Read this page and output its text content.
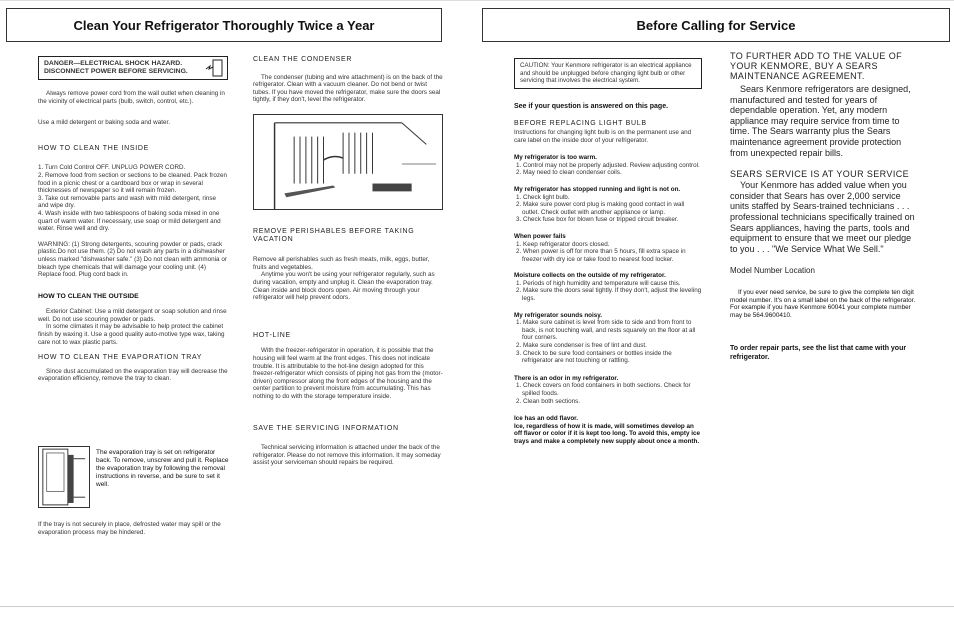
Clean Your Refrigerator Thoroughly Twice a Year	Before Calling for Service
DANGER—ELECTRICAL SHOCK HAZARD. DISCONNECT POWER BEFORE SERVICING.

Always remove power cord from the wall outlet when cleaning in the vicinity of electrical parts (bulb, switch, control, etc.).

Use a mild detergent or baking soda and water.

HOW TO CLEAN THE INSIDE

1. Turn Cold Control OFF. UNPLUG POWER CORD.

2. Remove food from section or sections to be cleaned. Pack frozen food in a picnic chest or a cardboard box or wrap in several thicknesses of newspaper so it will remain frozen.

3. Take out removable parts and wash with mild detergent, rinse and wipe dry.

4. Wash inside with two tablespoons of baking soda mixed in one quart of warm water. If necessary, use soap or mild detergent and water. Rinse well and dry.

WARNING: (1) Strong detergents, scouring powder or pads, crack plastic.Do not use them. (2) Do not wash any parts in a dishwasher unless marked "dishwasher safe." (3) Do not clean with ammonia or bleach type chemicals that will damage your cooling unit. (4) Replace food. Plug cord back in.

HOW TO CLEAN THE OUTSIDE

Exterior Cabinet: Use a mild detergent or soap solution and rinse well. Do not use scouring powder or pads.

In some climates it may be advisable to help protect the cabinet finish by waxing it. Use a good quality auto-motive type wax, taking care not to wax plastic parts.

HOW TO CLEAN THE EVAPORATION TRAY

Since dust accumulated on the evaporation tray will decrease the evaporation efficiency, remove the tray to clean.

The evaporation tray is set on refrigerator back. To remove, unscrew and pull it. Replace the evaporation tray by following the removal instructions in reverse, and be sure to set it well.
If the tray is not securely in place, defrosted water may spill or the evaporation process may be hindered.

CLEAN THE CONDENSER

The condenser (tubing and wire attachment) is on the back of the refrigerator. Clean with a vacuum cleaner. Do not bend or twist tubes. If you have moved the refrigerator, make sure the doors seal tightly, if they don't, level the refrigerator.

REMOVE PERISHABLES BEFORE TAKING VACATION

Remove all perishables such as fresh meats, milk, eggs, butter, fruits and vegetables.

Anytime you won't be using your refrigerator regularly, such as during vacation, empty and unplug it. Clean the evaporation tray. Clean inside and block doors open. Air moving through your refrigerator will help prevent odors.

HOT-LINE

With the freezer-refrigerator in operation, it is possible that the housing will feel warm at the front edges. This does not indicate trouble. It is attributable to the hot-line design adopted for this freezer-refrigerator which consists of piping hot gas from the (motor-driven) compressor along the front edges of the housing and the center partition to prevent moisture from accumulating. This has nothing to do with the storage temperature inside.

SAVE THE SERVICING INFORMATION

Technical servicing information is attached under the back of the refrigerator. Please do not remove this information. It may someday assist your serviceman should repairs be required.

CAUTION: Your Kenmore refrigerator is an electrical appliance and should be unplugged before changing light bulb or other servicing that involves the electrical system.

See if your question is answered on this page.

BEFORE REPLACING LIGHT BULB

Instructions for changing light bulb is on the permanent use and care label on the inside door of your refrigerator.

My refrigerator is too warm.

1. Control may not be properly adjusted. Review adjusting control.

2. May need to clean condenser coils.

My refrigerator has stopped running and light is not on.

1. Check light bulb.

2. Make sure power cord plug is making good contact in wall outlet. Check outlet with another appliance or lamp.

3. Check fuse box for blown fuse or tripped circuit breaker.

When power fails

1. Keep refrigerator doors closed.

2. When power is off for more than 5 hours, fill extra space in freezer with dry ice or take food to nearest food locker.

Moisture collects on the outside of my refrigerator.

1. Periods of high humidity and temperature will cause this.

2. Make sure the doors seal tightly. If they don't, adjust the leveling legs.

My refrigerator sounds noisy.

1. Make sure cabinet is level from side to side and from front to back, is not touching wall, and rests squarely on the floor at all four corners.

2. Make sure condenser is free of lint and dust.

3. Check to be sure food containers or bottles inside the refrigerator are not touching or rattling.

There is an odor in my refrigerator.

1. Check covers on food containers in both sections. Check for spilled foods.

2. Clean both sections.

Ice has an odd flavor.

Ice, regardless of how it is made, will sometimes develop an off flavor or color if it is kept too long. To avoid this, empty ice trays and make a completely new supply about once a month.

TO FURTHER ADD TO THE VALUE OF YOUR KENMORE, BUY A SEARS MAINTENANCE AGREEMENT.

Sears Kenmore refrigerators are designed, manufactured and tested for years of dependable operation. Yet, any modern appliance may require service from time to time. The Sears warranty plus the Sears maintenance agreement provide protection from unexpected repair bills.

SEARS SERVICE IS AT YOUR SERVICE

Your Kenmore has added value when you consider that Sears has over 2,000 service units staffed by Sears-trained technicians . . . professional technicians specifically trained on Sears appliances, having the parts, tools and equipment to ensure that we meet our pledge to you . . . "We Service What We Sell."

Model Number Location

If you ever need service, be sure to give the complete ten digit model number. It's on a small label on the back of the refrigerator. For example if you have Kenmore 60041 your complete number may be 564.9600410.

To order repair parts, see the list that came with your refrigerator.
